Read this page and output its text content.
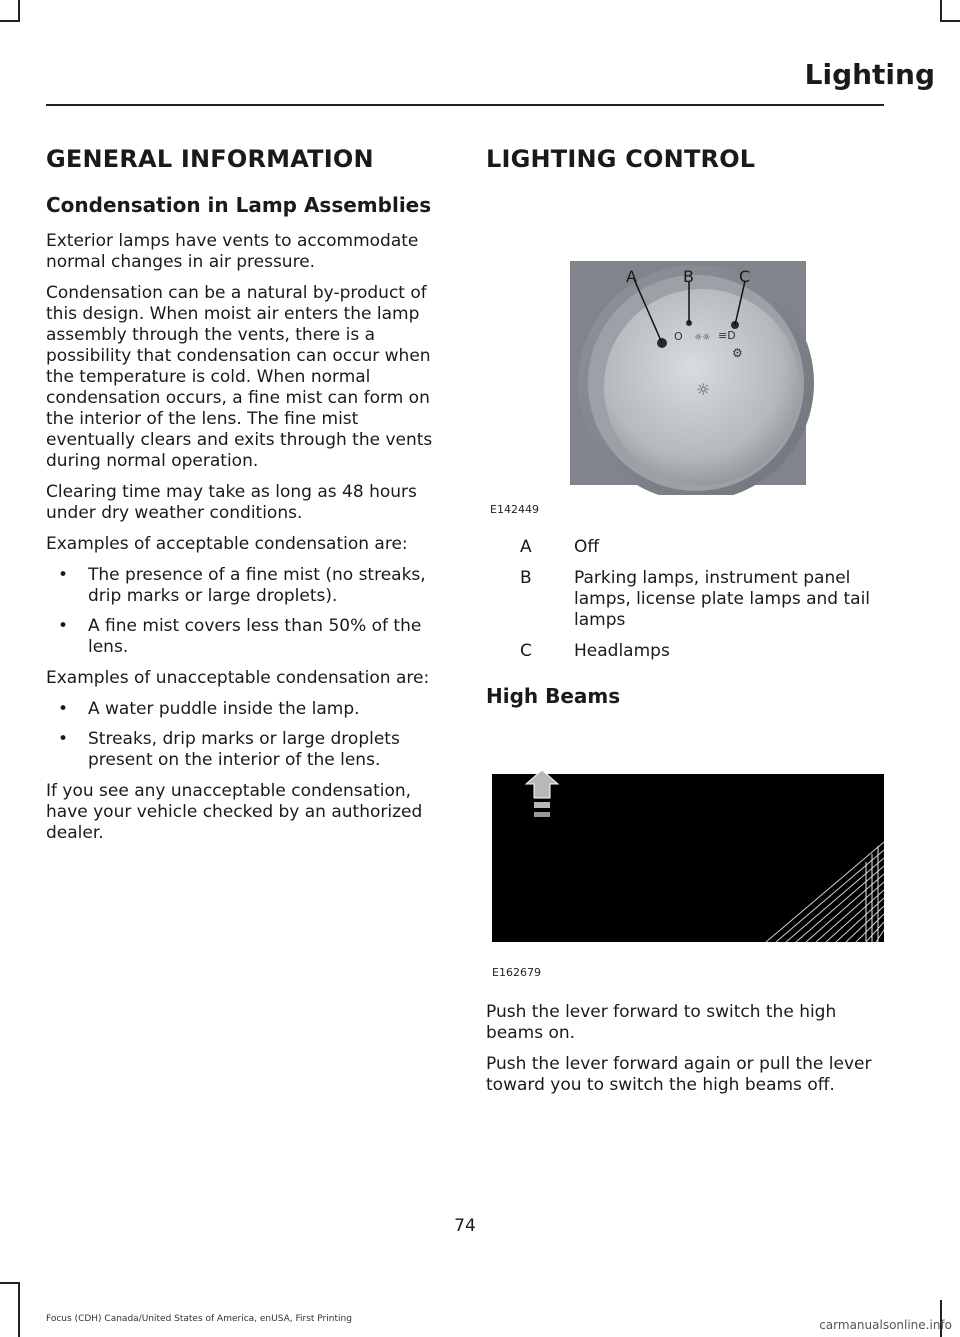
Lighting
GENERAL INFORMATION
Condensation in Lamp Assemblies

Exterior lamps have vents to accommodate normal changes in air pressure.

Condensation can be a natural by-product of this design. When moist air enters the lamp assembly through the vents, there is a possibility that condensation can occur when the temperature is cold. When normal condensation occurs, a fine mist can form on the interior of the lens. The fine mist eventually clears and exits through the vents during normal operation.

Clearing time may take as long as 48 hours under dry weather conditions.

Examples of acceptable condensation are:

• The presence of a fine mist (no streaks, drip marks or large droplets).
• A fine mist covers less than 50% of the lens.

Examples of unacceptable condensation are:

• A water puddle inside the lamp.
• Streaks, drip marks or large droplets present on the interior of the lens.

If you see any unacceptable condensation, have your vehicle checked by an authorized dealer.

LIGHTING CONTROL
O ☼☼ ≡D
⚙
☼
A	B	C
E142449
A	Off
B	Parking lamps, instrument panel lamps, license plate lamps and tail lamps
C	Headlamps
High Beams
E162679

Push the lever forward to switch the high beams on.

Push the lever forward again or pull the lever toward you to switch the high beams off.

74
Focus (CDH) Canada/United States of America, enUSA, First Printing	carmanualsonline.info
